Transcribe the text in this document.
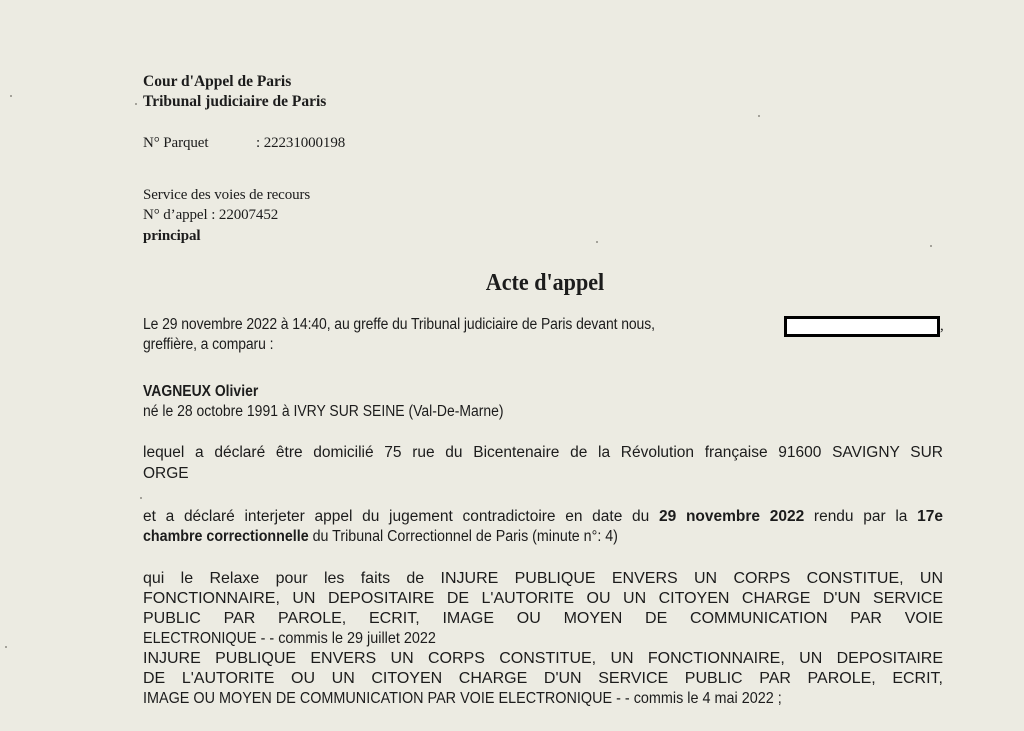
Cour d'Appel de Paris
Tribunal judiciaire de Paris
N° Parquet	: 22231000198
Service des voies de recours
N° d’appel : 22007452
principal
Acte d'appel
Le 29 novembre 2022 à 14:40, au greffe du Tribunal judiciaire de Paris devant nous,	,
greffière, a comparu :
VAGNEUX Olivier
né le 28 octobre 1991 à IVRY SUR SEINE (Val-De-Marne)
lequel a déclaré être domicilié 75 rue du Bicentenaire de la Révolution française 91600 SAVIGNY SUR
ORGE
et a déclaré interjeter appel du jugement contradictoire en date du 29 novembre 2022 rendu par la 17e
chambre correctionnelle du Tribunal Correctionnel de Paris (minute n°: 4)
qui le Relaxe pour les faits de INJURE PUBLIQUE ENVERS UN CORPS CONSTITUE, UN
FONCTIONNAIRE, UN DEPOSITAIRE DE L'AUTORITE OU UN CITOYEN CHARGE D'UN SERVICE
PUBLIC PAR PAROLE, ECRIT, IMAGE OU MOYEN DE COMMUNICATION PAR VOIE
ELECTRONIQUE - - commis le 29 juillet 2022
INJURE PUBLIQUE ENVERS UN CORPS CONSTITUE, UN FONCTIONNAIRE, UN DEPOSITAIRE
DE L'AUTORITE OU UN CITOYEN CHARGE D'UN SERVICE PUBLIC PAR PAROLE, ECRIT,
IMAGE OU MOYEN DE COMMUNICATION PAR VOIE ELECTRONIQUE - - commis le 4 mai 2022 ;
